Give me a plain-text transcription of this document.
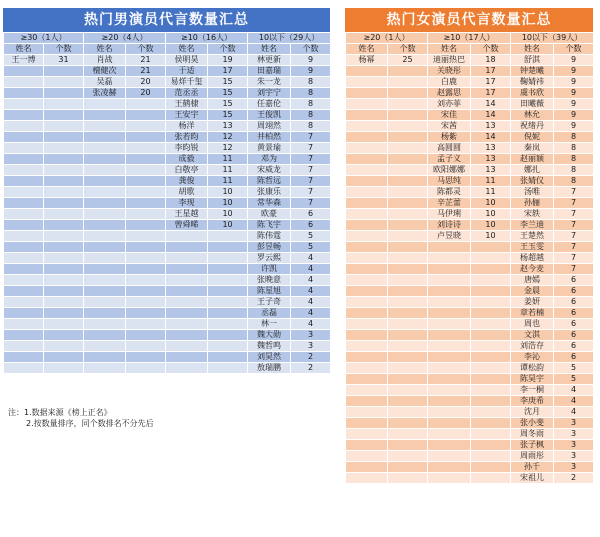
热门男演员代言数量汇总
≥30（1人）		≥20（4人）		≥10（16人）		10以下（29人）	
姓名	个数	姓名	个数	姓名	个数	姓名	个数
王一博	31	肖战	21	侯明昊	19	林更新	9
		檀健次	21	于适	17	田嘉瑞	9
		吴磊	20	易烊千玺	15	朱一龙	8
		张凌赫	20	范丞丞	15	刘宇宁	8
				王鹤棣	15	任嘉伦	8
				王安宇	15	王俊凯	8
				杨洋	13	周翊然	8
				张若昀	12	井柏然	7
				李昀锐	12	黄景瑜	7
				成毅	11	邓为	7
				白敬亭	11	宋威龙	7
				龚俊	11	陈哲远	7
				胡歌	10	张康乐	7
				李现	10	常华森	7
				王星越	10	欧豪	6
				曾舜晞	10	陈飞宇	6
						陈伟霆	5
						彭昱畅	5
						罗云熙	4
						许凯	4
						张晚意	4
						陈星旭	4
						王子奇	4
						丞磊	4
						林一	4
						魏大勋	3
						魏哲鸣	3
						刘昊然	2
						敖瑞鹏	2
热门女演员代言数量汇总
≥20（1人）		≥10（17人）		10以下（39人）	
姓名	个数	姓名	个数	姓名	个数
杨幂	25	迪丽热巴	18	舒淇	9
		关晓彤	17	钟楚曦	9
		白鹿	17	鞠婧祎	9
		赵露思	17	虞书欣	9
		刘亦菲	14	田曦薇	9
		宋佳	14	林允	9
		宋茜	13	祝绪丹	9
		杨紫	14	倪妮	8
		高圆圆	13	秦岚	8
		孟子义	13	赵丽颖	8
		欧阳娜娜	13	娜扎	8
		马思纯	11	张婧仪	8
		陈都灵	11	汤唯	7
		辛芷蕾	10	孙俪	7
		马伊琍	10	宋轶	7
		刘诗诗	10	李兰迪	7
		卢昱晓	10	王楚然	7
				王玉雯	7
				杨超越	7
				赵今麦	7
				唐嫣	6
				金晨	6
				姜妍	6
				章若楠	6
				周也	6
				文淇	6
				刘浩存	6
				李沁	6
				谭松韵	5
				陈昊宇	5
				李一桐	4
				李庚希	4
				沈月	4
				张小斐	3
				周冬雨	3
				张子枫	3
				周雨彤	3
				孙千	3
				宋祖儿	2
注：1.数据来源《榜上正名》
2.按数量排序，同个数排名不分先后
